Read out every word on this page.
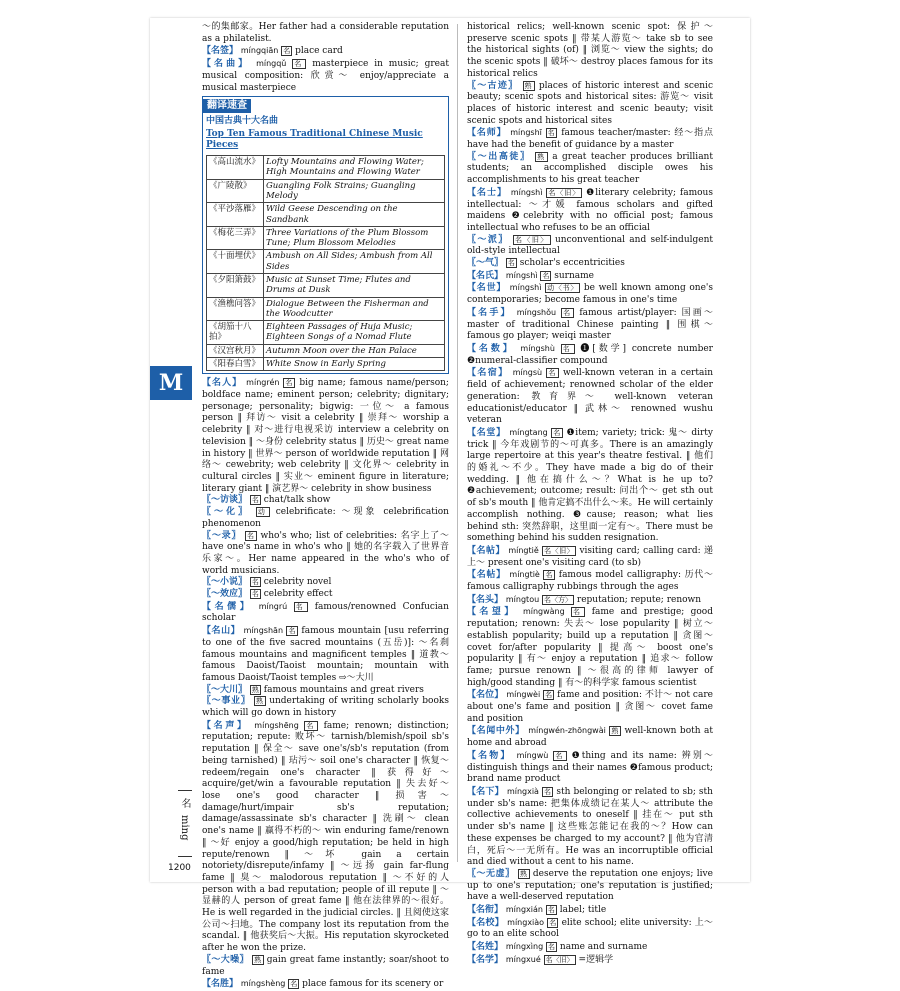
M
名 ming
1200

～的集邮家。Her father had a considerable reputation as a philatelist.

【名签】 míngqiān 名 place card

【名曲】 míngqǔ 名 masterpiece in music; great musical composition: 欣赏～ enjoy/appreciate a musical masterpiece

翻译速查
中国古典十大名曲
Top Ten Famous Traditional Chinese Music Pieces
《高山流水》	Lofty Mountains and Flowing Water; High Mountains and Flowing Water
《广陵散》	Guangling Folk Strains; Guangling Melody
《平沙落雁》	Wild Geese Descending on the Sandbank
《梅花三弄》	Three Variations of the Plum Blossom Tune; Plum Blossom Melodies
《十面埋伏》	Ambush on All Sides; Ambush from All Sides
《夕阳箫鼓》	Music at Sunset Time; Flutes and Drums at Dusk
《渔樵问答》	Dialogue Between the Fisherman and the Woodcutter
《胡笳十八拍》	Eighteen Passages of Huja Music; Eighteen Songs of a Nomad Flute
《汉宫秋月》	Autumn Moon over the Han Palace
《阳春白雪》	White Snow in Early Spring

【名人】 míngrén 名 big name; famous name/person; boldface name; eminent person; celebrity; dignitary; personage; personality; bigwig: 一位～ a famous person ‖ 拜访～ visit a celebrity ‖ 崇拜～ worship a celebrity ‖ 对～进行电视采访 interview a celebrity on television ‖ ～身份 celebrity status ‖ 历史～ great name in history ‖ 世界～ person of worldwide reputation ‖ 网络～ cewebrity; web celebrity ‖ 文化界～ celebrity in cultural circles ‖ 实业～ eminent figure in literature; literary giant ‖ 演艺界～ celebrity in show business

〖～访谈〗 名 chat/talk show

〖～化〗 动 celebrificate: ～现象 celebrification phenomenon

〖～录〗 名 who's who; list of celebrities: 名字上了～ have one's name in who's who ‖ 她的名字载入了世界音乐家～。Her name appeared in the who's who of world musicians.

〖～小说〗 名 celebrity novel

〖～效应〗 名 celebrity effect

【名儒】 míngrú 名 famous/renowned Confucian scholar

【名山】 míngshān 名 famous mountain [usu referring to one of the five sacred mountains (五岳)]: ～名刹 famous mountains and magnificent temples ‖ 道教～ famous Daoist/Taoist mountain; mountain with famous Daoist/Taoist temples ⇨～大川

〖～大川〗 熟 famous mountains and great rivers

〖～事业〗 熟 undertaking of writing scholarly books which will go down in history

【名声】 míngshēng 名 fame; renown; distinction; reputation; repute: 败坏～ tarnish/blemish/spoil sb's reputation ‖ 保全～ save one's/sb's reputation (from being tarnished) ‖ 玷污～ soil one's character ‖ 恢复～ redeem/regain one's character ‖ 获得好～ acquire/get/win a favourable reputation ‖ 失去好～ lose one's good character ‖ 损害～ damage/hurt/impair sb's reputation; damage/assassinate sb's character ‖ 洗刷～ clean one's name ‖ 赢得不朽的～ win enduring fame/renown ‖ ～好 enjoy a good/high reputation; be held in high repute/renown ‖ ～坏 gain a certain notoriety/disrepute/infamy ‖ ～远扬 gain far-flung fame ‖ 臭～ malodorous reputation ‖ ～不好的人 person with a bad reputation; people of ill repute ‖ ～显赫的人 person of great fame ‖ 他在法律界的～很好。He is well regarded in the judicial circles. ‖ 且阅使这家公司～扫地。The company lost its reputation from the scandal. ‖ 他获奖后～大振。His reputation skyrocketed after he won the prize.

〖～大噪〗 熟 gain great fame instantly; soar/shoot to fame

【名胜】 míngshèng 名 place famous for its scenery or

historical relics; well-known scenic spot: 保护～ preserve scenic spots ‖ 带某人游览～ take sb to see the historical sights (of) ‖ 浏览～ view the sights; do the scenic spots ‖ 破坏～ destroy places famous for its historical relics

〖～古迹〗 熟 places of historic interest and scenic beauty; scenic spots and historical sites: 游览～ visit places of historic interest and scenic beauty; visit scenic spots and historical sites

【名师】 míngshī 名 famous teacher/master: 经～指点 have had the benefit of guidance by a master

〖～出高徒〗 熟 a great teacher produces brilliant students; an accomplished disciple owes his accomplishments to his great teacher

【名士】 míngshì 名〈旧〉 ❶literary celebrity; famous intellectual: ～才媛 famous scholars and gifted maidens ❷celebrity with no official post; famous intellectual who refuses to be an official

〖～派〗 名〈旧〉 unconventional and self-indulgent old-style intellectual

〖～气〗 名 scholar's eccentricities

【名氏】 míngshì 名 surname

【名世】 míngshì 动〈书〉 be well known among one's contemporaries; become famous in one's time

【名手】 míngshǒu 名 famous artist/player: 国画～ master of traditional Chinese painting ‖ 围棋～ famous go player; weiqi master

【名数】 míngshù 名 ❶[数学] concrete number ❷numeral-classifier compound

【名宿】 míngsù 名 well-known veteran in a certain field of achievement; renowned scholar of the elder generation: 教育界～ well-known veteran educationist/educator ‖ 武林～ renowned wushu veteran

【名堂】 míngtang 名 ❶item; variety; trick: 鬼～ dirty trick ‖ 今年戏剧节的～可真多。There is an amazingly large repertoire at this year's theatre festival. ‖ 他们的婚礼～不少。They have made a big do of their wedding. ‖ 他在搞什么～？What is he up to? ❷achievement; outcome; result: 问出个～ get sth out of sb's mouth ‖ 他肯定搞不出什么～来。He will certainly accomplish nothing. ❸cause; reason; what lies behind sth: 突然辞职，这里面一定有～。There must be something behind his sudden resignation.

【名帖】 míngtiě 名〈旧〉 visiting card; calling card: 递上～ present one's visiting card (to sb)

【名帖】 míngtiè 名 famous model calligraphy: 历代～ famous calligraphy rubbings through the ages

【名头】 míngtou 名〈方〉 reputation; repute; renown

【名望】 míngwàng 名 fame and prestige; good reputation; renown: 失去～ lose popularity ‖ 树立～ establish popularity; build up a reputation ‖ 贪图～ covet for/after popularity ‖ 提高～ boost one's popularity ‖ 有～ enjoy a reputation ‖ 追求～ follow fame; pursue renown ‖ ～很高的律师 lawyer of high/good standing ‖ 有～的科学家 famous scientist

【名位】 míngwèi 名 fame and position: 不计～ not care about one's fame and position ‖ 贪图～ covet fame and position

【名闻中外】 míngwén-zhōngwài 熟 well-known both at home and abroad

【名物】 míngwù 名 ❶thing and its name: 辨别～ distinguish things and their names ❷famous product; brand name product

【名下】 míngxià 名 sth belonging or related to sb; sth under sb's name: 把集体成绩记在某人～ attribute the collective achievements to oneself ‖ 挂在～ put sth under sb's name ‖ 这些账怎能记在我的～？How can these expenses be charged to my account? ‖ 他为官清白，死后～一无所有。He was an incorruptible official and died without a cent to his name.

〖～无虚〗 熟 deserve the reputation one enjoys; live up to one's reputation; one's reputation is justified; have a well-deserved reputation

【名衔】 míngxián 名 label; title

【名校】 míngxiào 名 elite school; elite university: 上～ go to an elite school

【名姓】 míngxìng 名 name and surname

【名学】 míngxué 名〈旧〉 =逻辑学
